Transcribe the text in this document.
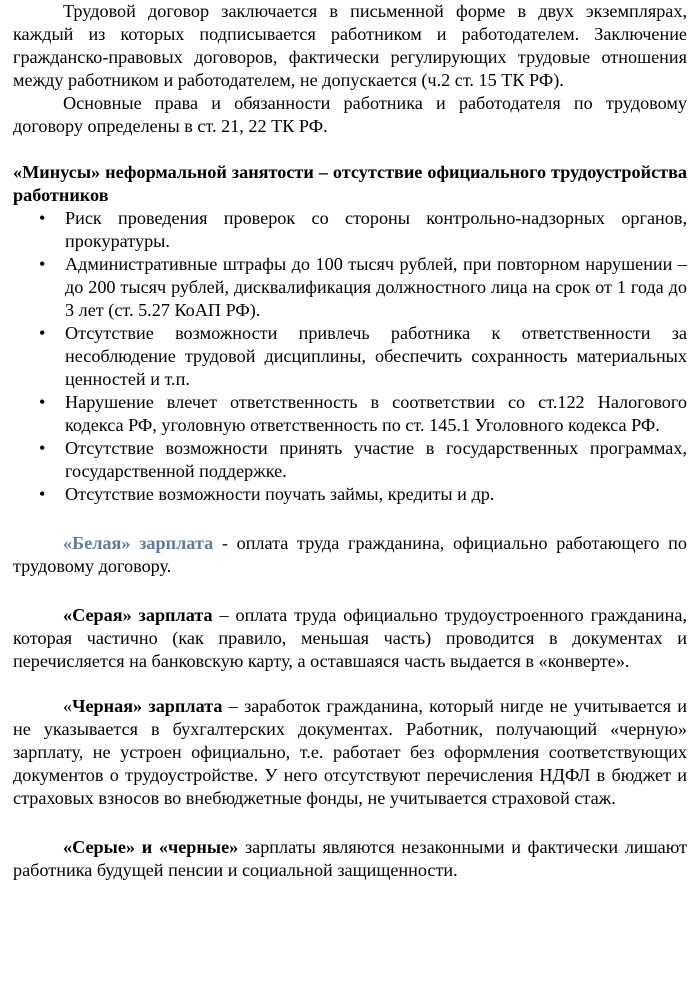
Трудовой договор заключается в письменной форме в двух экземплярах, каждый из которых подписывается работником и работодателем. Заключение гражданско-правовых договоров, фактически регулирующих трудовые отношения между работником и работодателем, не допускается (ч.2 ст. 15 ТК РФ).

Основные права и обязанности работника и работодателя по трудовому договору определены в ст. 21, 22 ТК РФ.

«Минусы» неформальной занятости – отсутствие официального трудоустройства работников

• Риск проведения проверок со стороны контрольно-надзорных органов, прокуратуры.
• Административные штрафы до 100 тысяч рублей, при повторном нарушении – до 200 тысяч рублей, дисквалификация должностного лица на срок от 1 года до 3 лет (ст. 5.27 КоАП РФ).
• Отсутствие возможности привлечь работника к ответственности за несоблюдение трудовой дисциплины, обеспечить сохранность материальных ценностей и т.п.
• Нарушение влечет ответственность в соответствии со ст.122 Налогового кодекса РФ, уголовную ответственность по ст. 145.1 Уголовного кодекса РФ.
• Отсутствие возможности принять участие в государственных программах, государственной поддержке.
• Отсутствие возможности поучать займы, кредиты и др.

«Белая» зарплата - оплата труда гражданина, официально работающего по трудовому договору.

«Серая» зарплата – оплата труда официально трудоустроенного гражданина, которая частично (как правило, меньшая часть) проводится в документах и перечисляется на банковскую карту, а оставшаяся часть выдается в «конверте».

«Черная» зарплата – заработок гражданина, который нигде не учитывается и не указывается в бухгалтерских документах. Работник, получающий «черную» зарплату, не устроен официально, т.е. работает без оформления соответствующих документов о трудоустройстве. У него отсутствуют перечисления НДФЛ в бюджет и страховых взносов во внебюджетные фонды, не учитывается страховой стаж.

«Серые» и «черные» зарплаты являются незаконными и фактически лишают работника будущей пенсии и социальной защищенности.
